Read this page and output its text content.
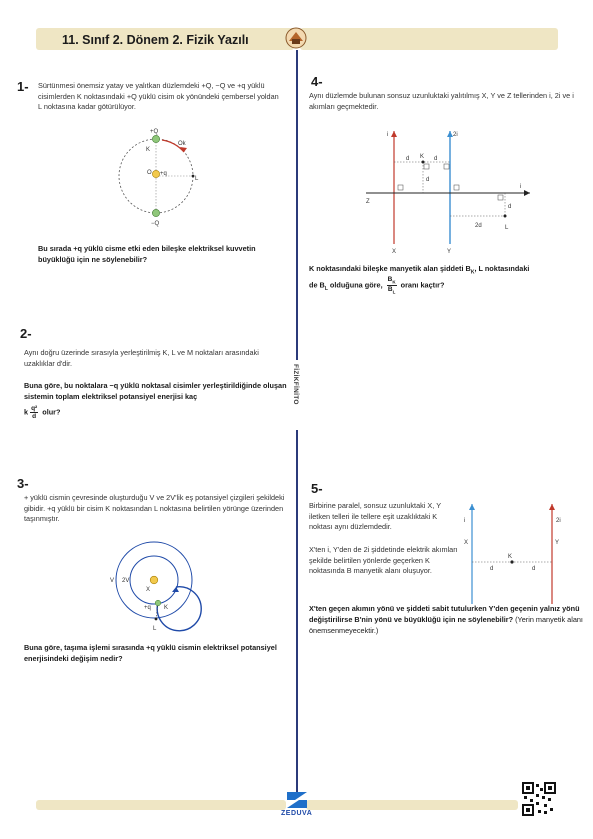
11. Sınıf 2. Dönem 2. Fizik Yazılı
FİZİKFİNİTO
1- Sürtünmesi önemsiz yatay ve yalıtkan düzlemdeki +Q, −Q ve +q yüklü cisimlerden K noktasındaki +Q yüklü cisim ok yönündeki çembersel yoldan L noktasına kadar götürülüyor.
+Q
K
Ok
O +q
L
−Q
Bu sırada +q yüklü cisme etki eden bileşke elektriksel kuvvetin büyüklüğü için ne söylenebilir?
2-
Aynı doğru üzerinde sırasıyla yerleştirilmiş K, L ve M noktaları arasındaki uzaklıklar d'dir.
Buna göre, bu noktalara −q yüklü noktasal cisimler yerleştirildiğinde oluşan sistemin toplam elektriksel potansiyel enerjisi kaç
k $\frac{\text{q²}}{d}$ olur?
3-
+ yüklü cismin çevresinde oluşturduğu V ve 2V'lik eş potansiyel çizgileri şekildeki gibidir. +q yüklü bir cisim K noktasından L noktasına belirtilen yörünge üzerinden taşınmıştır.
V 2V
X
+q K
L
Buna göre, taşıma işlemi sırasında +q yüklü cismin elektriksel potansiyel enerjisindeki değişim nedir?
4-
Aynı düzlemde bulunan sonsuz uzunluktaki yalıtılmış X, Y ve Z tellerinden i, 2i ve i akımları geçmektedir.
i	2i
i
d K d
d
Z
d
2d	L
X	Y
K noktasındaki bileşke manyetik alan şiddeti $B_K$, L noktasındaki
de $B_L$ olduğuna göre, $\frac{B_K}{B_L}$ oranı kaçtır?
5-
Birbirine paralel, sonsuz uzunluktaki X, Y iletken telleri ile tellere eşit uzaklıktaki K noktası aynı düzlemdedir.
X'ten i, Y'den de 2i şiddetinde elektrik akımları şekilde belirtilen yönlerde geçerken K noktasında B manyetik alanı oluşuyor.
i	2i
X	Y
K
d	d
X'ten geçen akımın yönü ve şiddeti sabit tutulurken Y'den geçenin yalnız yönü değiştirilirse B'nin yönü ve büyüklüğü için ne söylenebilir? (Yerin manyetik alanı önemsenmeyecektir.)
ZEDUVA
